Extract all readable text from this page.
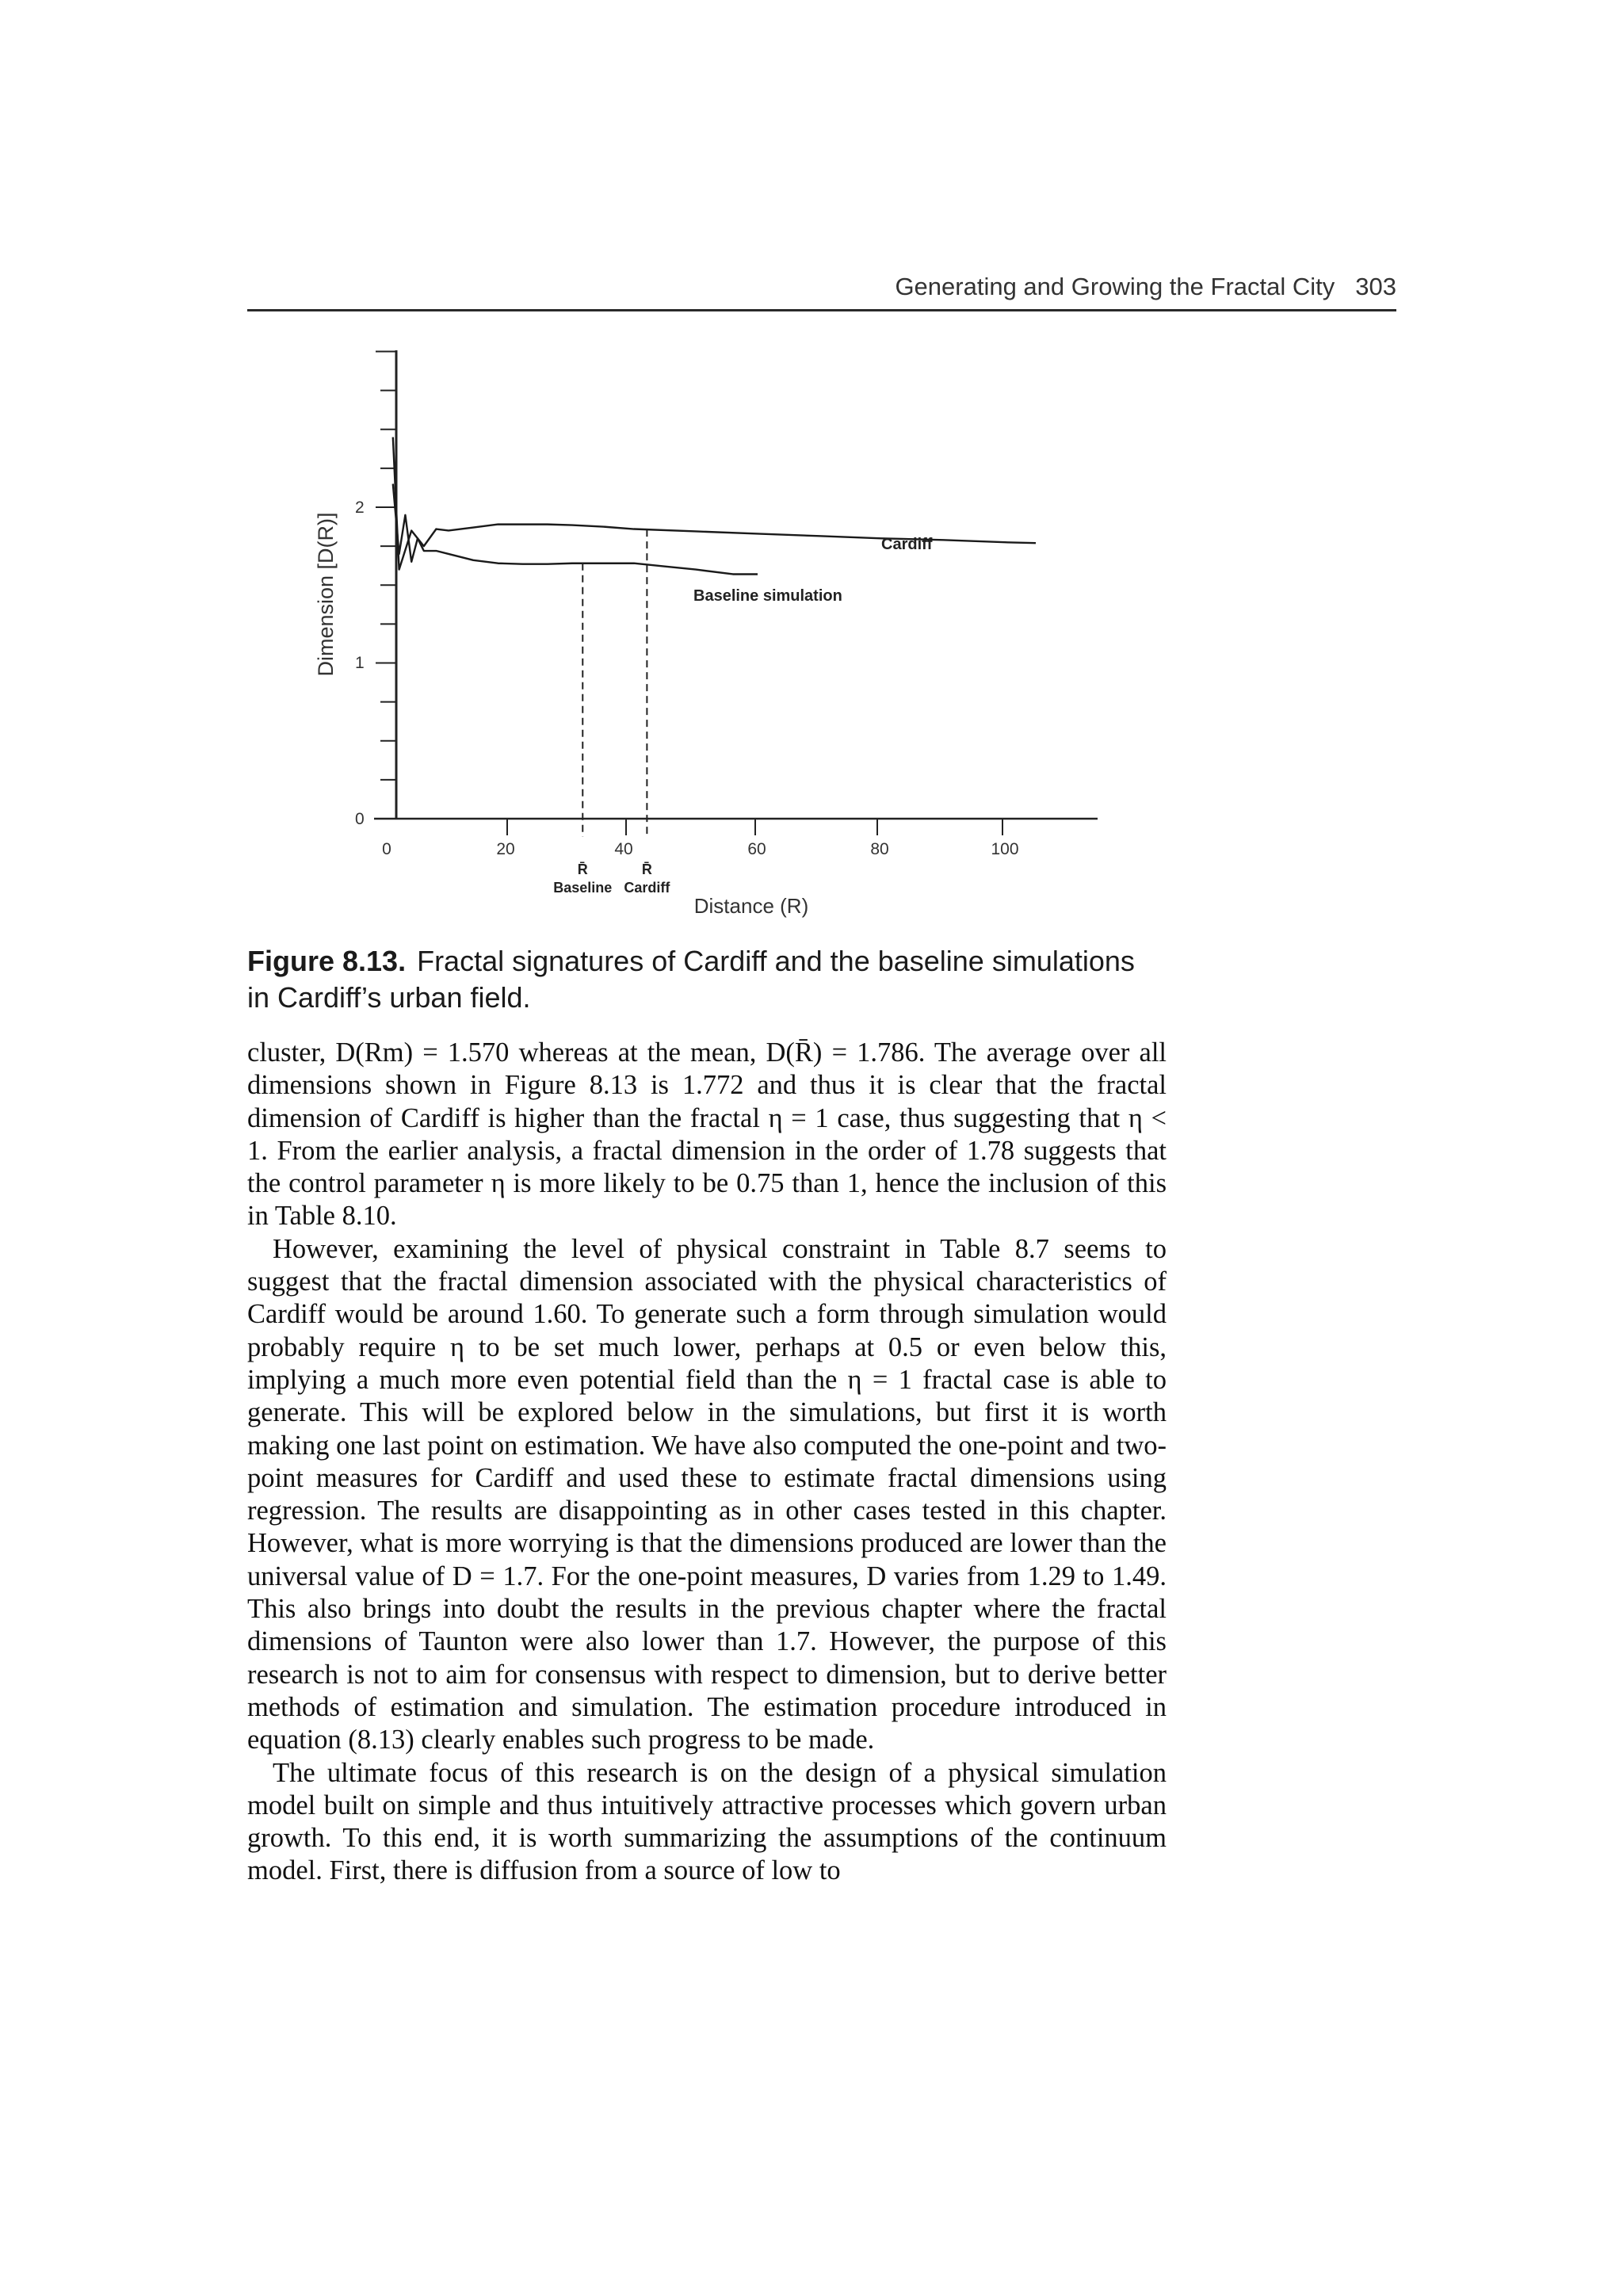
Generating and Growing the Fractal City 303
Dimension [D(R)]
0
1
2
0	20	40	60	80	100
Distance (R)
R̄
Baseline
R̄
Cardiff
Cardiff
Baseline simulation
Figure 8.13. Fractal signatures of Cardiff and the baseline simulations in Cardiff’s urban field.

cluster, D(Rm) = 1.570 whereas at the mean, D(R̄) = 1.786. The average over all dimensions shown in Figure 8.13 is 1.772 and thus it is clear that the fractal dimension of Cardiff is higher than the fractal η = 1 case, thus suggesting that η < 1. From the earlier analysis, a fractal dimension in the order of 1.78 suggests that the control parameter η is more likely to be 0.75 than 1, hence the inclusion of this in Table 8.10.

However, examining the level of physical constraint in Table 8.7 seems to suggest that the fractal dimension associated with the physical characteristics of Cardiff would be around 1.60. To generate such a form through simulation would probably require η to be set much lower, perhaps at 0.5 or even below this, implying a much more even potential field than the η = 1 fractal case is able to generate. This will be explored below in the simulations, but first it is worth making one last point on estimation. We have also computed the one-point and two-point measures for Cardiff and used these to estimate fractal dimensions using regression. The results are disappointing as in other cases tested in this chapter. However, what is more worrying is that the dimensions produced are lower than the universal value of D = 1.7. For the one-point measures, D varies from 1.29 to 1.49. This also brings into doubt the results in the previous chapter where the fractal dimensions of Taunton were also lower than 1.7. However, the purpose of this research is not to aim for consensus with respect to dimension, but to derive better methods of estimation and simulation. The estimation procedure introduced in equation (8.13) clearly enables such progress to be made.

The ultimate focus of this research is on the design of a physical simulation model built on simple and thus intuitively attractive processes which govern urban growth. To this end, it is worth summarizing the assumptions of the continuum model. First, there is diffusion from a source of low to
